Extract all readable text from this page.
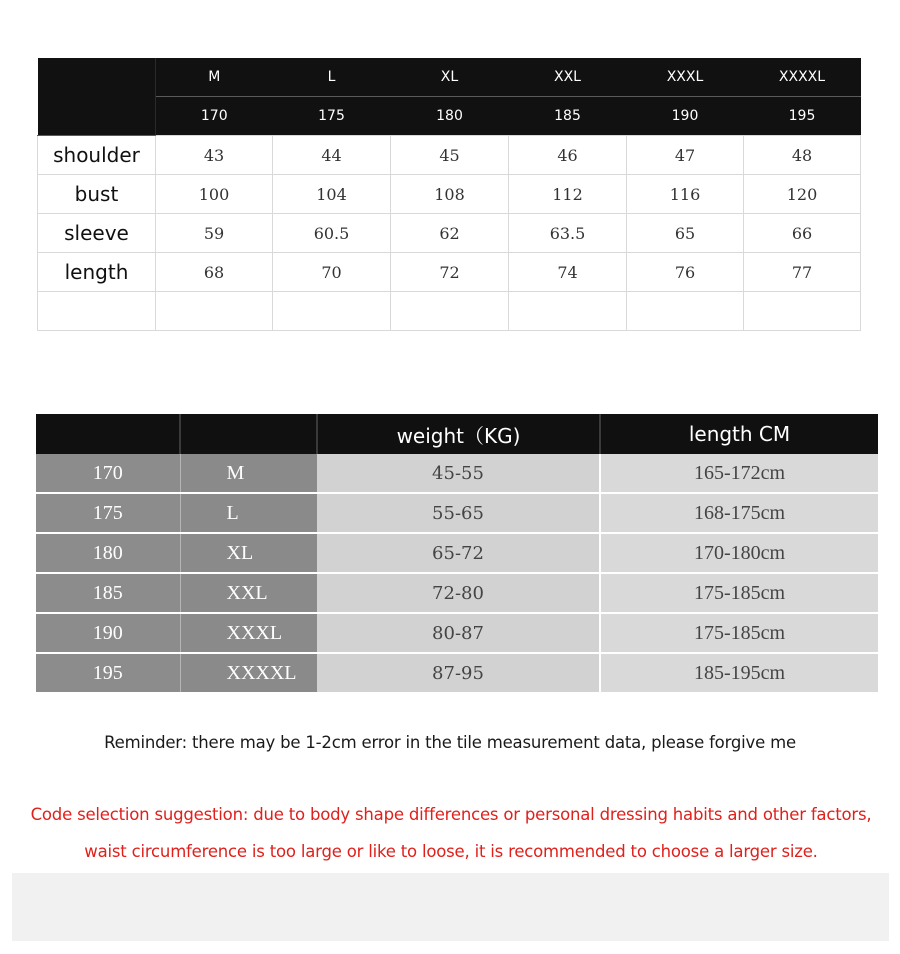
	M	L	XL	XXL	XXXL	XXXXL
	170	175	180	185	190	195
shoulder	43	44	45	46	47	48
bust	100	104	108	112	116	120
sleeve	59	60.5	62	63.5	65	66
length	68	70	72	74	76	77

		weight（KG)	length CM
170	M	45-55	165-172cm
175	L	55-65	168-175cm
180	XL	65-72	170-180cm
185	XXL	72-80	175-185cm
190	XXXL	80-87	175-185cm
195	XXXXL	87-95	185-195cm
Reminder: there may be 1-2cm error in the tile measurement data, please forgive me
Code selection suggestion: due to body shape differences or personal dressing habits and other factors, waist circumference is too large or like to loose, it is recommended to choose a larger size.
